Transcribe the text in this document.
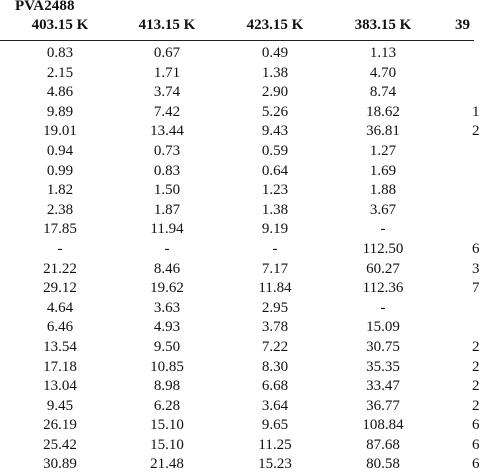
PVA2488
403.15 K	413.15 K	423.15 K	383.15 K	39
0.83	0.67	0.49	1.13
2.15	1.71	1.38	4.70
4.86	3.74	2.90	8.74
9.89	7.42	5.26	18.62	1
19.01	13.44	9.43	36.81	2
0.94	0.73	0.59	1.27
0.99	0.83	0.64	1.69
1.82	1.50	1.23	1.88
2.38	1.87	1.38	3.67
17.85	11.94	9.19	-
-	-	-	112.50	6
21.22	8.46	7.17	60.27	3
29.12	19.62	11.84	112.36	7
4.64	3.63	2.95	-
6.46	4.93	3.78	15.09
13.54	9.50	7.22	30.75	2
17.18	10.85	8.30	35.35	2
13.04	8.98	6.68	33.47	2
9.45	6.28	3.64	36.77	2
26.19	15.10	9.65	108.84	6
25.42	15.10	11.25	87.68	6
30.89	21.48	15.23	80.58	6
